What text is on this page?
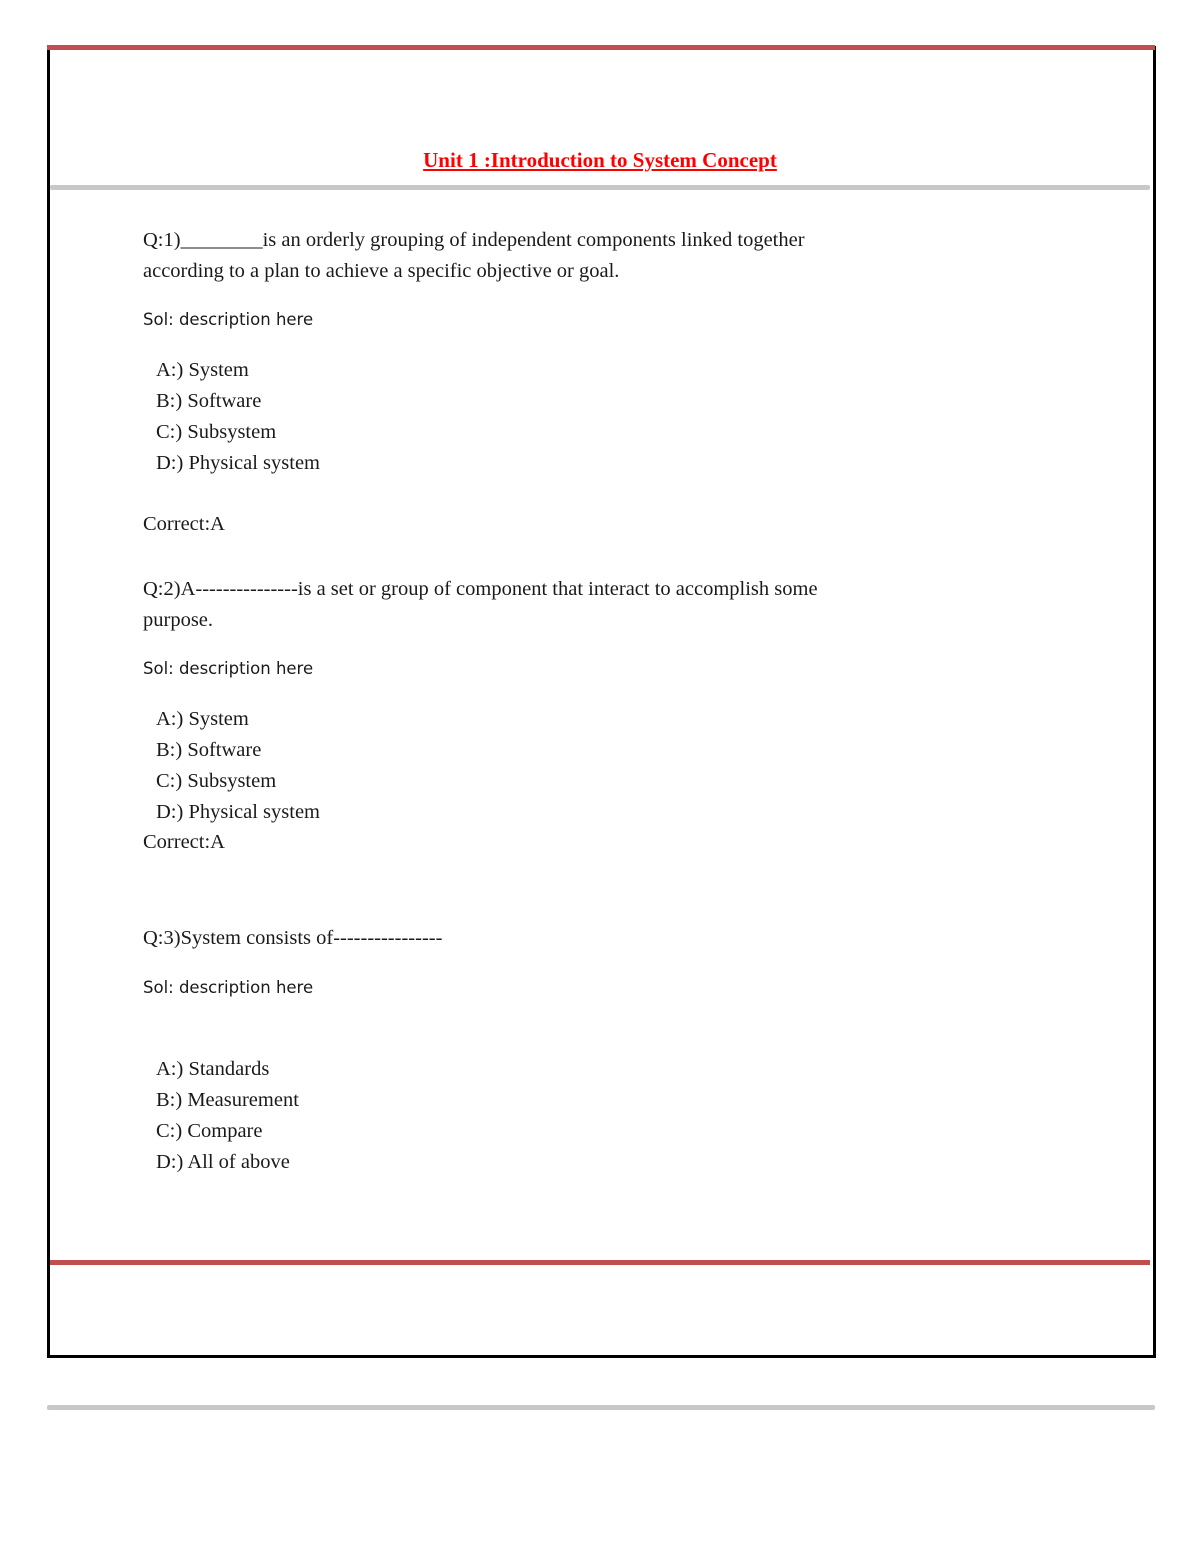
Unit 1 :Introduction to System Concept

Q:1)________is an orderly grouping of independent components linked together
according to a plan to achieve a specific objective or goal.

Sol: description here

A:) System
B:) Software
C:) Subsystem
D:) Physical system

Correct:A

Q:2)A---------------is a set or group of component that interact to accomplish some
purpose.

Sol: description here

A:) System
B:) Software
C:) Subsystem
D:) Physical system

Correct:A

Q:3)System consists of----------------

Sol: description here

A:) Standards
B:) Measurement
C:) Compare
D:) All of above
